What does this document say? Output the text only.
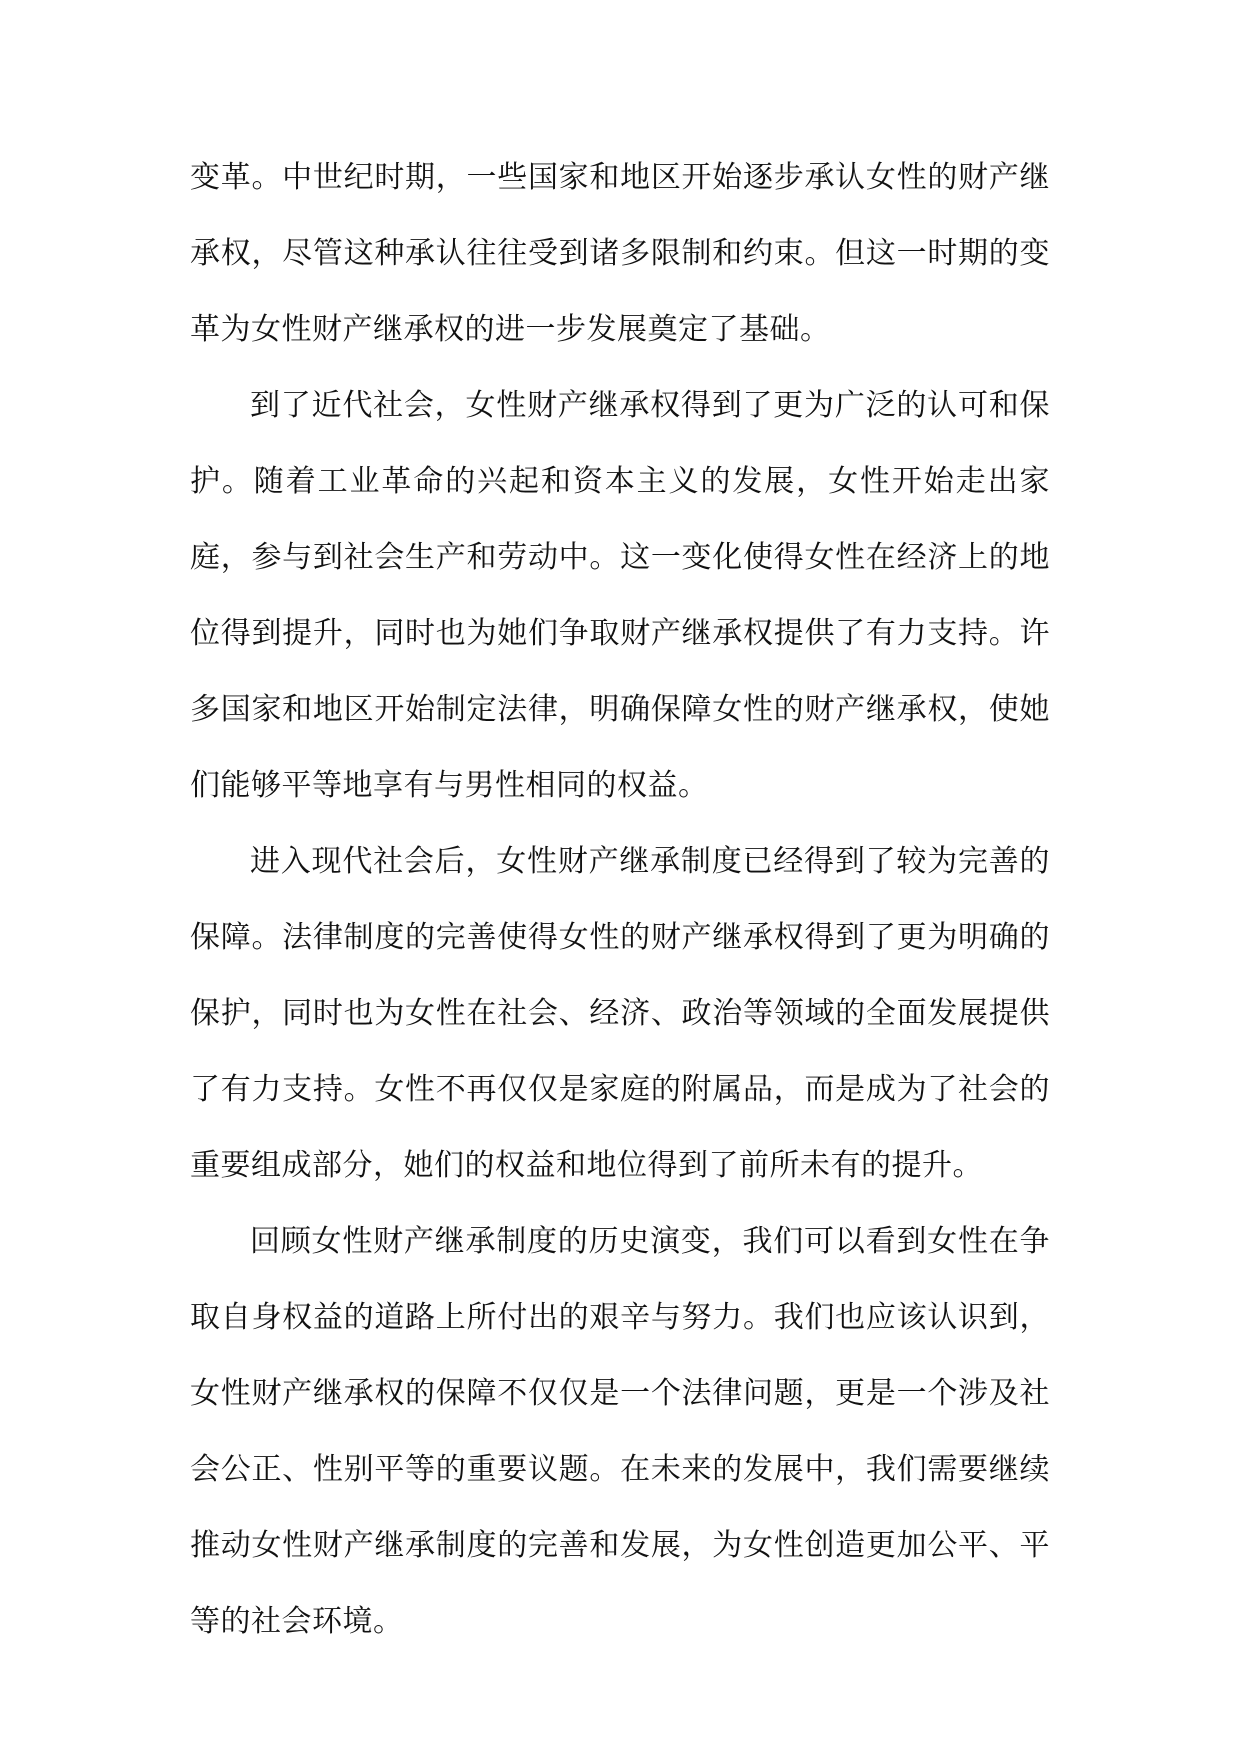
变革。中世纪时期，一些国家和地区开始逐步承认女性的财产继承权，尽管这种承认往往受到诸多限制和约束。但这一时期的变革为女性财产继承权的进一步发展奠定了基础。

到了近代社会，女性财产继承权得到了更为广泛的认可和保护。随着工业革命的兴起和资本主义的发展，女性开始走出家庭，参与到社会生产和劳动中。这一变化使得女性在经济上的地位得到提升，同时也为她们争取财产继承权提供了有力支持。许多国家和地区开始制定法律，明确保障女性的财产继承权，使她们能够平等地享有与男性相同的权益。

进入现代社会后，女性财产继承制度已经得到了较为完善的保障。法律制度的完善使得女性的财产继承权得到了更为明确的保护，同时也为女性在社会、经济、政治等领域的全面发展提供了有力支持。女性不再仅仅是家庭的附属品，而是成为了社会的重要组成部分，她们的权益和地位得到了前所未有的提升。

回顾女性财产继承制度的历史演变，我们可以看到女性在争取自身权益的道路上所付出的艰辛与努力。我们也应该认识到，女性财产继承权的保障不仅仅是一个法律问题，更是一个涉及社会公正、性别平等的重要议题。在未来的发展中，我们需要继续推动女性财产继承制度的完善和发展，为女性创造更加公平、平等的社会环境。
